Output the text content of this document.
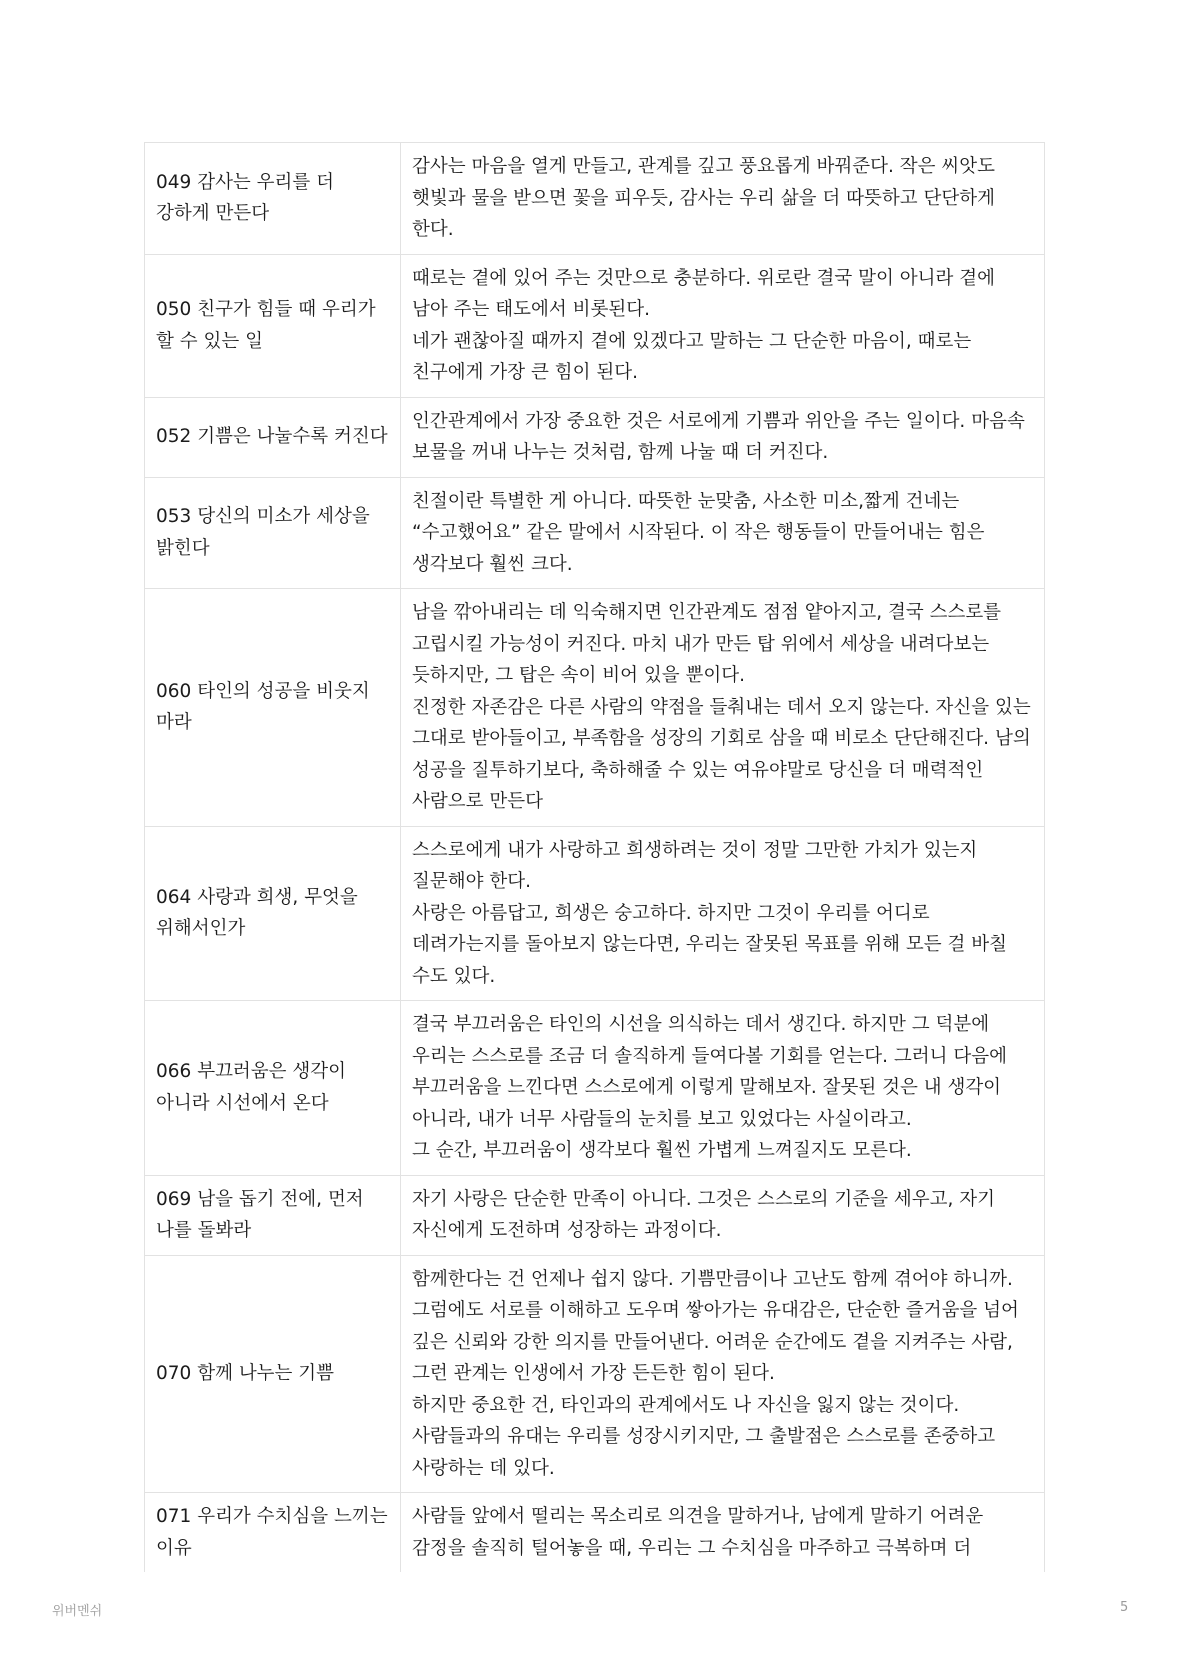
049 감사는 우리를 더 강하게 만든다	감사는 마음을 열게 만들고, 관계를 깊고 풍요롭게 바꿔준다. 작은 씨앗도 햇빛과 물을 받으면 꽃을 피우듯, 감사는 우리 삶을 더 따뜻하고 단단하게 한다.

050 친구가 힘들 때 우리가 할 수 있는 일	때로는 곁에 있어 주는 것만으로 충분하다. 위로란 결국 말이 아니라 곁에 남아 주는 태도에서 비롯된다.
네가 괜찮아질 때까지 곁에 있겠다고 말하는 그 단순한 마음이, 때로는 친구에게 가장 큰 힘이 된다.

052 기쁨은 나눌수록 커진다	인간관계에서 가장 중요한 것은 서로에게 기쁨과 위안을 주는 일이다. 마음속 보물을 꺼내 나누는 것처럼, 함께 나눌 때 더 커진다.

053 당신의 미소가 세상을 밝힌다	친절이란 특별한 게 아니다. 따뜻한 눈맞춤, 사소한 미소,짧게 건네는 “수고했어요” 같은 말에서 시작된다. 이 작은 행동들이 만들어내는 힘은 생각보다 훨씬 크다.

060 타인의 성공을 비웃지 마라	남을 깎아내리는 데 익숙해지면 인간관계도 점점 얕아지고, 결국 스스로를 고립시킬 가능성이 커진다. 마치 내가 만든 탑 위에서 세상을 내려다보는 듯하지만, 그 탑은 속이 비어 있을 뿐이다.
진정한 자존감은 다른 사람의 약점을 들춰내는 데서 오지 않는다. 자신을 있는 그대로 받아들이고, 부족함을 성장의 기회로 삼을 때 비로소 단단해진다. 남의 성공을 질투하기보다, 축하해줄 수 있는 여유야말로 당신을 더 매력적인 사람으로 만든다

064 사랑과 희생, 무엇을 위해서인가	스스로에게 내가 사랑하고 희생하려는 것이 정말 그만한 가치가 있는지 질문해야 한다.
사랑은 아름답고, 희생은 숭고하다. 하지만 그것이 우리를 어디로 데려가는지를 돌아보지 않는다면, 우리는 잘못된 목표를 위해 모든 걸 바칠 수도 있다.

066 부끄러움은 생각이 아니라 시선에서 온다	결국 부끄러움은 타인의 시선을 의식하는 데서 생긴다. 하지만 그 덕분에 우리는 스스로를 조금 더 솔직하게 들여다볼 기회를 얻는다. 그러니 다음에 부끄러움을 느낀다면 스스로에게 이렇게 말해보자. 잘못된 것은 내 생각이 아니라, 내가 너무 사람들의 눈치를 보고 있었다는 사실이라고.
그 순간, 부끄러움이 생각보다 훨씬 가볍게 느껴질지도 모른다.

069 남을 돕기 전에, 먼저 나를 돌봐라	자기 사랑은 단순한 만족이 아니다. 그것은 스스로의 기준을 세우고, 자기 자신에게 도전하며 성장하는 과정이다.

070 함께 나누는 기쁨	함께한다는 건 언제나 쉽지 않다. 기쁨만큼이나 고난도 함께 겪어야 하니까. 그럼에도 서로를 이해하고 도우며 쌓아가는 유대감은, 단순한 즐거움을 넘어 깊은 신뢰와 강한 의지를 만들어낸다. 어려운 순간에도 곁을 지켜주는 사람, 그런 관계는 인생에서 가장 든든한 힘이 된다.
하지만 중요한 건, 타인과의 관계에서도 나 자신을 잃지 않는 것이다. 사람들과의 유대는 우리를 성장시키지만, 그 출발점은 스스로를 존중하고 사랑하는 데 있다.

071 우리가 수치심을 느끼는 이유	사람들 앞에서 떨리는 목소리로 의견을 말하거나, 남에게 말하기 어려운 감정을 솔직히 털어놓을 때, 우리는 그 수치심을 마주하고 극복하며 더
위버멘쉬	5
